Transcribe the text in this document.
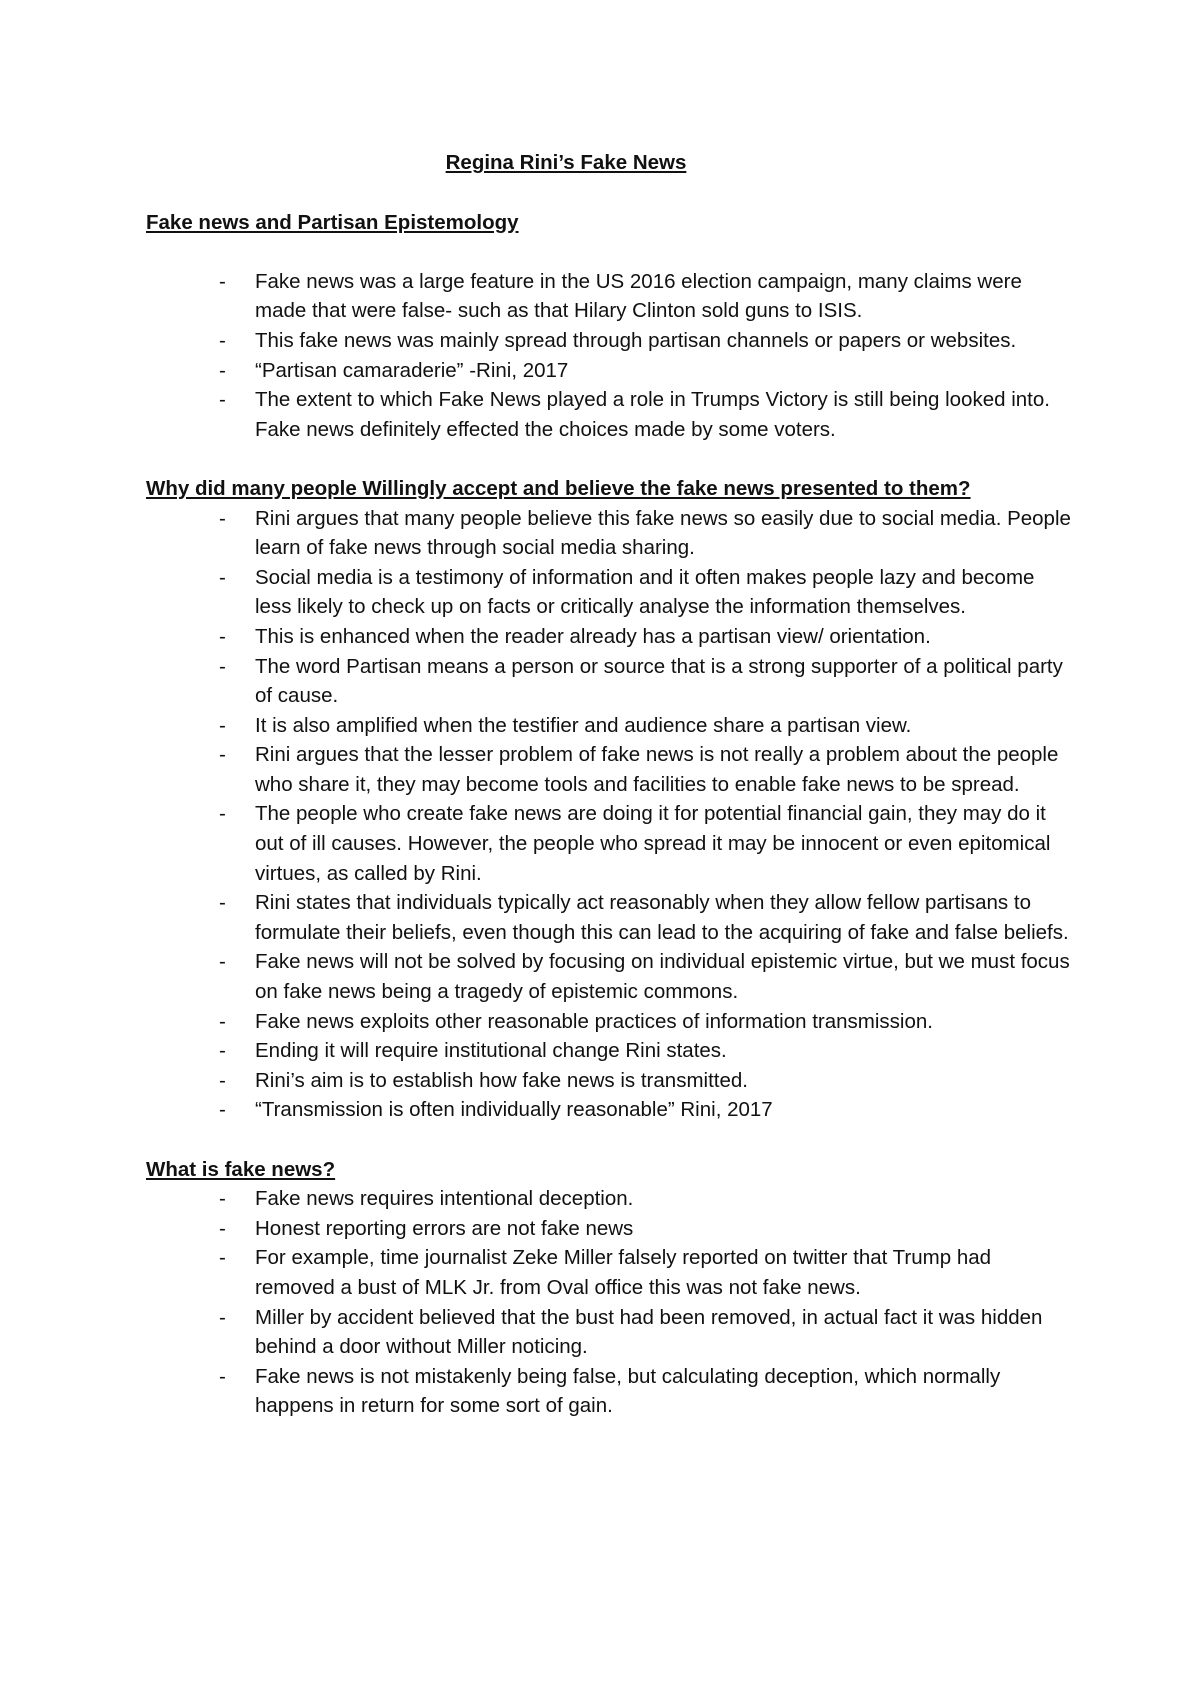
Regina Rini’s Fake News
Fake news and Partisan Epistemology
- Fake news was a large feature in the US 2016 election campaign, many claims were made that were false- such as that Hilary Clinton sold guns to ISIS.
- This fake news was mainly spread through partisan channels or papers or websites.
- “Partisan camaraderie” -Rini, 2017
- The extent to which Fake News played a role in Trumps Victory is still being looked into. Fake news definitely effected the choices made by some voters.
Why did many people Willingly accept and believe the fake news presented to them?
- Rini argues that many people believe this fake news so easily due to social media. People learn of fake news through social media sharing.
- Social media is a testimony of information and it often makes people lazy and become less likely to check up on facts or critically analyse the information themselves.
- This is enhanced when the reader already has a partisan view/ orientation.
- The word Partisan means a person or source that is a strong supporter of a political party of cause.
- It is also amplified when the testifier and audience share a partisan view.
- Rini argues that the lesser problem of fake news is not really a problem about the people who share it, they may become tools and facilities to enable fake news to be spread.
- The people who create fake news are doing it for potential financial gain, they may do it out of ill causes. However, the people who spread it may be innocent or even epitomical virtues, as called by Rini.
- Rini states that individuals typically act reasonably when they allow fellow partisans to formulate their beliefs, even though this can lead to the acquiring of fake and false beliefs.
- Fake news will not be solved by focusing on individual epistemic virtue, but we must focus on fake news being a tragedy of epistemic commons.
- Fake news exploits other reasonable practices of information transmission.
- Ending it will require institutional change Rini states.
- Rini’s aim is to establish how fake news is transmitted.
- “Transmission is often individually reasonable” Rini, 2017
What is fake news?
- Fake news requires intentional deception.
- Honest reporting errors are not fake news
- For example, time journalist Zeke Miller falsely reported on twitter that Trump had removed a bust of MLK Jr. from Oval office this was not fake news.
- Miller by accident believed that the bust had been removed, in actual fact it was hidden behind a door without Miller noticing.
- Fake news is not mistakenly being false, but calculating deception, which normally happens in return for some sort of gain.
